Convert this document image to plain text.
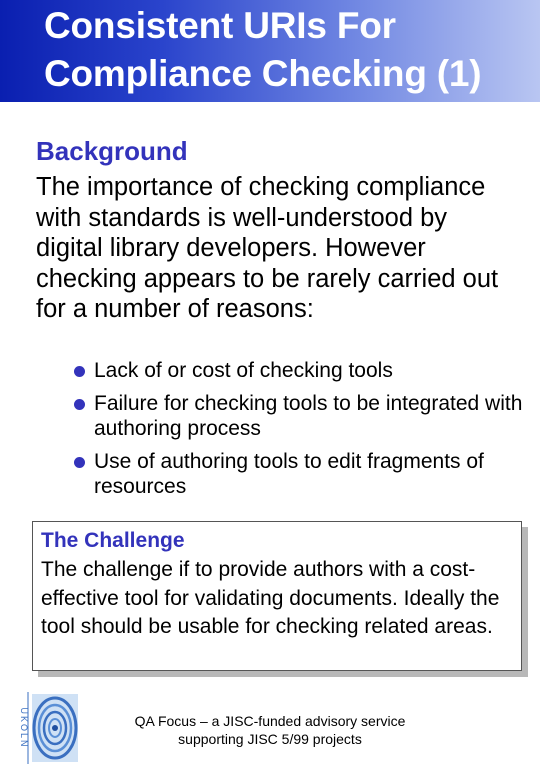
Consistent URIs For
Compliance Checking (1)
Background

The importance of checking compliance with standards is well-understood by digital library developers. However checking appears to be rarely carried out for a number of reasons:

Lack of or cost of checking tools
Failure for checking tools to be integrated with authoring process
Use of authoring tools to edit fragments of resources
The Challenge

The challenge if to provide authors with a cost-effective tool for validating documents. Ideally the tool should be usable for checking related areas.

UKOLN	QA Focus – a JISC-funded advisory service
supporting JISC 5/99 projects
